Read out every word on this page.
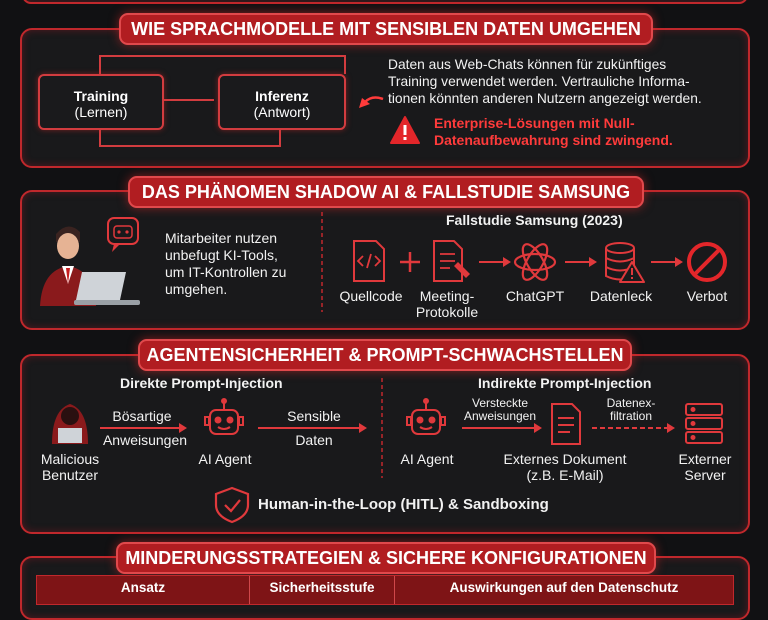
WIE SPRACHMODELLE MIT SENSIBLEN DATEN UMGEHEN
Training
(Lernen)
Inferenz
(Antwort)
Daten aus Web-Chats können für zukünftiges
Training verwendet werden. Vertrauliche Informa-
tionen könnten anderen Nutzern angezeigt werden.
Enterprise-Lösungen mit Null-
Datenaufbewahrung sind zwingend.
DAS PHÄNOMEN SHADOW AI & FALLSTUDIE SAMSUNG
Mitarbeiter nutzen
unbefugt KI-Tools,
um IT-Kontrollen zu
umgehen.
Fallstudie Samsung (2023)
Quellcode	Meeting-
Protokolle
ChatGPT	Datenleck	Verbot
AGENTENSICHERHEIT & PROMPT-SCHWACHSTELLEN
Direkte Prompt-Injection	Indirekte Prompt-Injection
Malicious
Benutzer
Bösartige
Anweisungen
AI Agent
Sensible
Daten
AI Agent
Versteckte
Anweisungen
Externes Dokument
(z.B. E-Mail)
Datenex-
filtration
Externer
Server
Human-in-the-Loop (HITL) & Sandboxing
MINDERUNGSSTRATEGIEN & SICHERE KONFIGURATIONEN
Ansatz	Sicherheitsstufe	Auswirkungen auf den Datenschutz
